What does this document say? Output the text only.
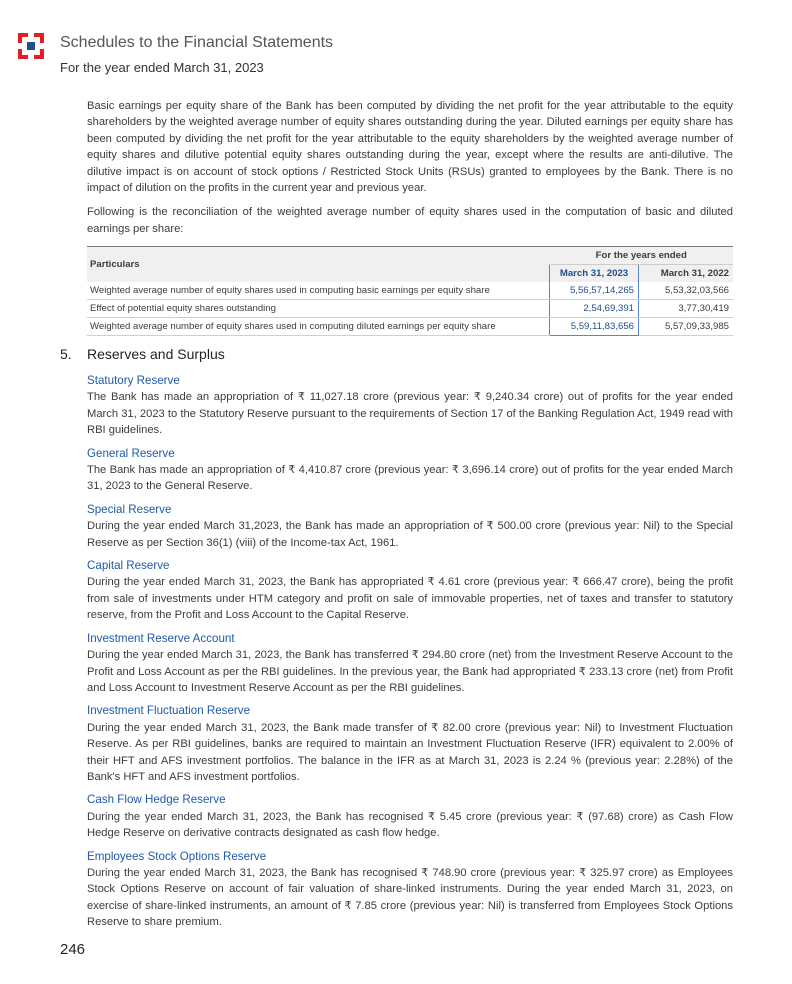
Schedules to the Financial Statements
For the year ended March 31, 2023

Basic earnings per equity share of the Bank has been computed by dividing the net profit for the year attributable to the equity shareholders by the weighted average number of equity shares outstanding during the year. Diluted earnings per equity share has been computed by dividing the net profit for the year attributable to the equity shareholders by the weighted average number of equity shares and dilutive potential equity shares outstanding during the year, except where the results are anti-dilutive. The dilutive impact is on account of stock options / Restricted Stock Units (RSUs) granted to employees by the Bank. There is no impact of dilution on the profits in the current year and previous year.

Following is the reconciliation of the weighted average number of equity shares used in the computation of basic and diluted earnings per share:

Particulars	For the years ended	
	March 31, 2023	March 31, 2022
Weighted average number of equity shares used in computing basic earnings per equity share	5,56,57,14,265	5,53,32,03,566
Effect of potential equity shares outstanding	2,54,69,391	3,77,30,419
Weighted average number of equity shares used in computing diluted earnings per equity share	5,59,11,83,656	5,57,09,33,985
5. Reserves and Surplus
Statutory Reserve

The Bank has made an appropriation of ₹ 11,027.18 crore (previous year: ₹ 9,240.34 crore) out of profits for the year ended March 31, 2023 to the Statutory Reserve pursuant to the requirements of Section 17 of the Banking Regulation Act, 1949 read with RBI guidelines.

General Reserve

The Bank has made an appropriation of ₹ 4,410.87 crore (previous year: ₹ 3,696.14 crore) out of profits for the year ended March 31, 2023 to the General Reserve.

Special Reserve

During the year ended March 31,2023, the Bank has made an appropriation of ₹ 500.00 crore (previous year: Nil) to the Special Reserve as per Section 36(1) (viii) of the Income-tax Act, 1961.

Capital Reserve

During the year ended March 31, 2023, the Bank has appropriated ₹ 4.61 crore (previous year: ₹ 666.47 crore), being the profit from sale of investments under HTM category and profit on sale of immovable properties, net of taxes and transfer to statutory reserve, from the Profit and Loss Account to the Capital Reserve.

Investment Reserve Account

During the year ended March 31, 2023, the Bank has transferred ₹ 294.80 crore (net) from the Investment Reserve Account to the Profit and Loss Account as per the RBI guidelines. In the previous year, the Bank had appropriated ₹ 233.13 crore (net) from Profit and Loss Account to Investment Reserve Account as per the RBI guidelines.

Investment Fluctuation Reserve

During the year ended March 31, 2023, the Bank made transfer of ₹ 82.00 crore (previous year: Nil) to Investment Fluctuation Reserve. As per RBI guidelines, banks are required to maintain an Investment Fluctuation Reserve (IFR) equivalent to 2.00% of their HFT and AFS investment portfolios. The balance in the IFR as at March 31, 2023 is 2.24 % (previous year: 2.28%) of the Bank's HFT and AFS investment portfolios.

Cash Flow Hedge Reserve

During the year ended March 31, 2023, the Bank has recognised ₹ 5.45 crore (previous year: ₹ (97.68) crore) as Cash Flow Hedge Reserve on derivative contracts designated as cash flow hedge.

Employees Stock Options Reserve

During the year ended March 31, 2023, the Bank has recognised ₹ 748.90 crore (previous year: ₹ 325.97 crore) as Employees Stock Options Reserve on account of fair valuation of share-linked instruments. During the year ended March 31, 2023, on exercise of share-linked instruments, an amount of ₹ 7.85 crore (previous year: Nil) is transferred from Employees Stock Options Reserve to share premium.

246
